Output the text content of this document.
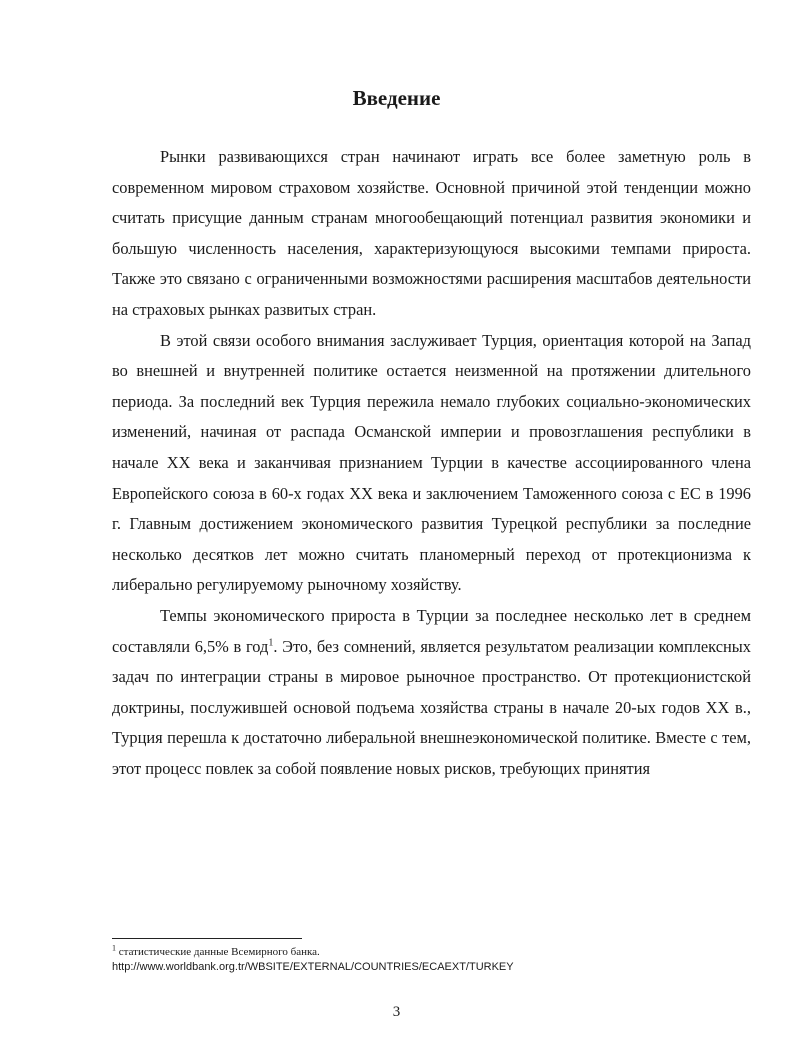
Введение

Рынки развивающихся стран начинают играть все более заметную роль в современном мировом страховом хозяйстве. Основной причиной этой тенденции можно считать присущие данным странам многообещающий потенциал развития экономики и большую численность населения, характеризующуюся высокими темпами прироста. Также это связано с ограниченными возможностями расширения масштабов деятельности на страховых рынках развитых стран.

В этой связи особого внимания заслуживает Турция, ориентация которой на Запад во внешней и внутренней политике остается неизменной на протяжении длительного периода. За последний век Турция пережила немало глубоких социально-экономических изменений, начиная от распада Османской империи и провозглашения республики в начале XX века и заканчивая признанием Турции в качестве ассоциированного члена Европейского союза в 60-х годах XX века и заключением Таможенного союза с ЕС в 1996 г. Главным достижением экономического развития Турецкой республики за последние несколько десятков лет можно считать планомерный переход от протекционизма к либерально регулируемому рыночному хозяйству.

Темпы экономического прироста в Турции за последнее несколько лет в среднем составляли 6,5% в год$^1$. Это, без сомнений, является результатом реализации комплексных задач по интеграции страны в мировое рыночное пространство. От протекционистской доктрины, послужившей основой подъема хозяйства страны в начале 20-ых годов XX в., Турция перешла к достаточно либеральной внешнеэкономической политике. Вместе с тем, этот процесс повлек за собой появление новых рисков, требующих принятия

$^1$ статистические данные Всемирного банка.

http://www.worldbank.org.tr/WBSITE/EXTERNAL/COUNTRIES/ECAEXT/TURKEY

3
